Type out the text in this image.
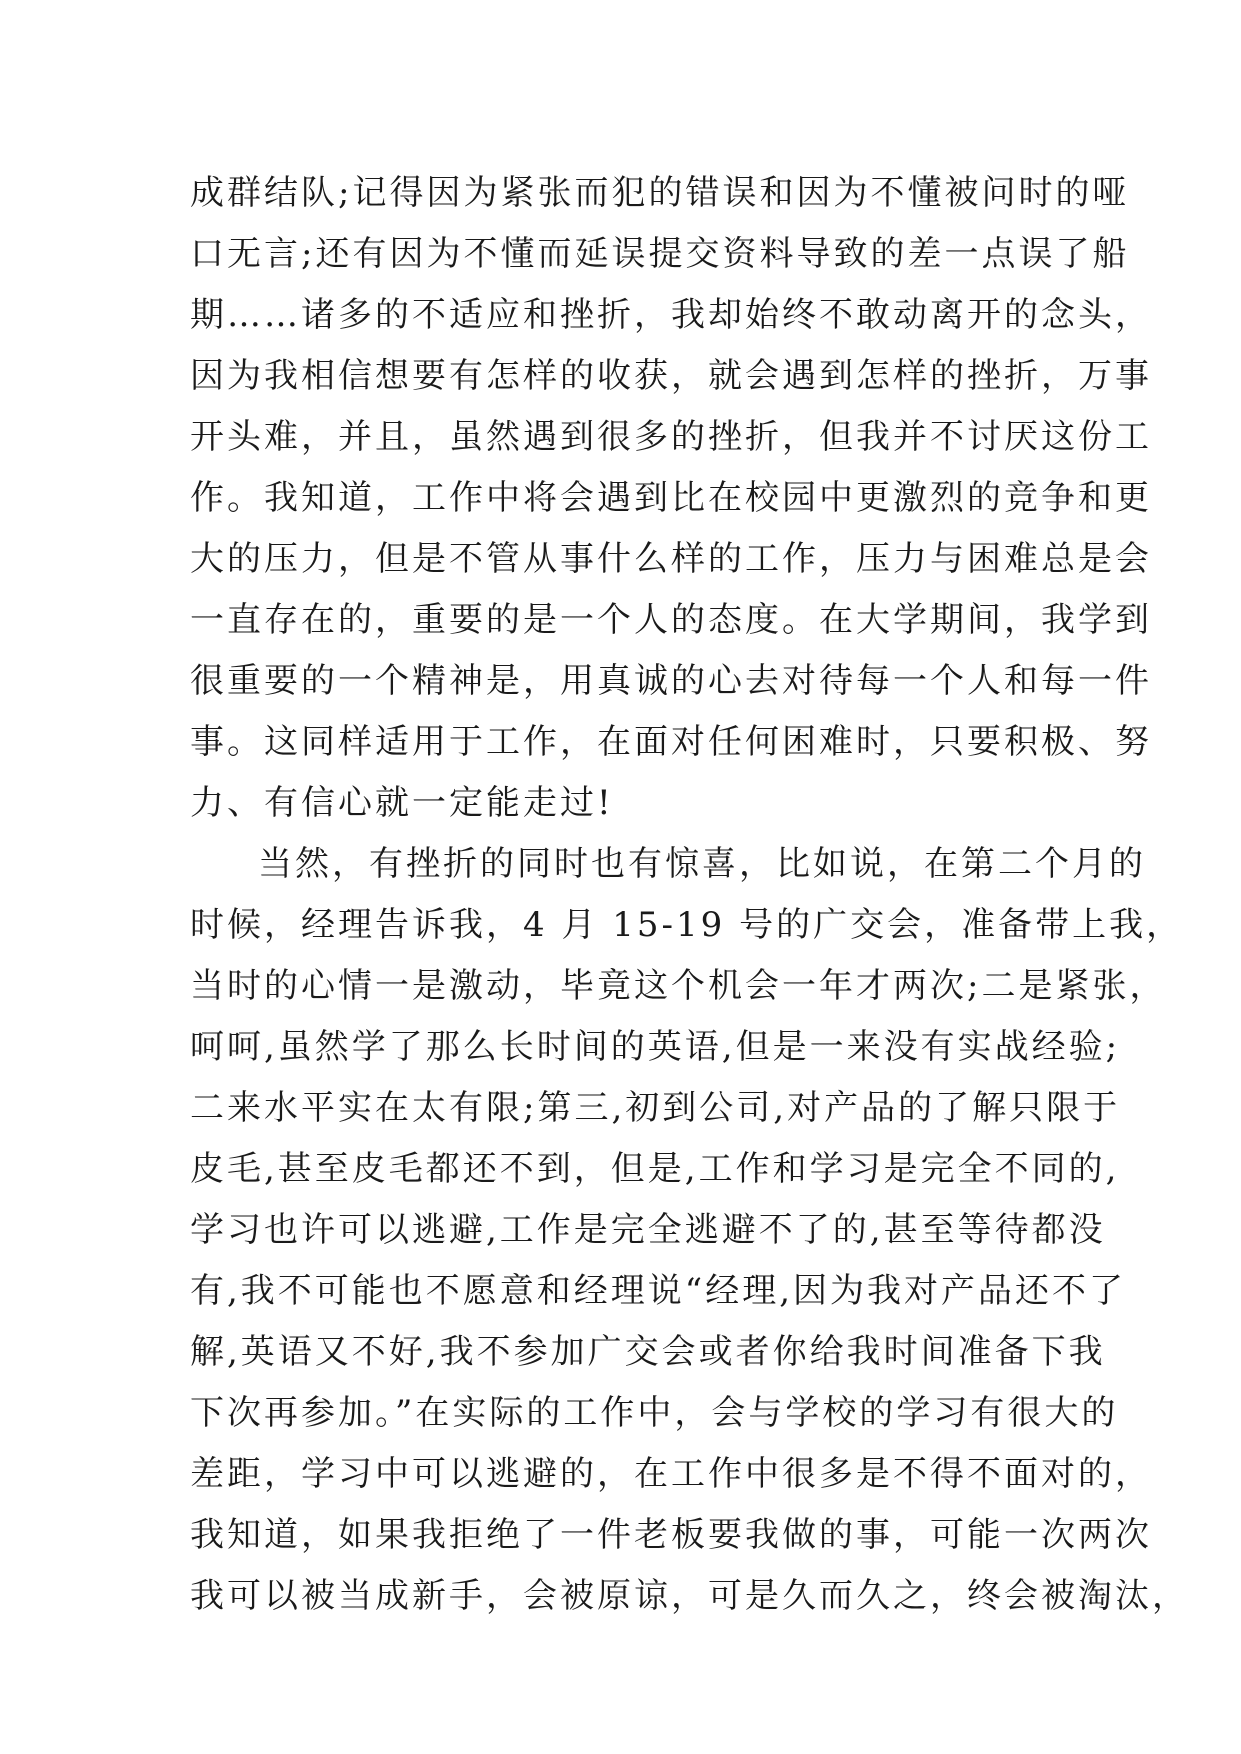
成群结队;记得因为紧张而犯的错误和因为不懂被问时的哑
口无言;还有因为不懂而延误提交资料导致的差一点误了船
期……诸多的不适应和挫折，我却始终不敢动离开的念头，
因为我相信想要有怎样的收获，就会遇到怎样的挫折，万事
开头难，并且，虽然遇到很多的挫折，但我并不讨厌这份工
作。我知道，工作中将会遇到比在校园中更激烈的竞争和更
大的压力，但是不管从事什么样的工作，压力与困难总是会
一直存在的，重要的是一个人的态度。在大学期间，我学到
很重要的一个精神是，用真诚的心去对待每一个人和每一件
事。这同样适用于工作，在面对任何困难时，只要积极、努
力、有信心就一定能走过!
当然，有挫折的同时也有惊喜，比如说，在第二个月的
时候，经理告诉我，4 月 15-19 号的广交会，准备带上我，
当时的心情一是激动，毕竟这个机会一年才两次;二是紧张，
呵呵,虽然学了那么长时间的英语,但是一来没有实战经验;
二来水平实在太有限;第三,初到公司,对产品的了解只限于
皮毛,甚至皮毛都还不到，但是,工作和学习是完全不同的,
学习也许可以逃避,工作是完全逃避不了的,甚至等待都没
有,我不可能也不愿意和经理说“经理,因为我对产品还不了
解,英语又不好,我不参加广交会或者你给我时间准备下我
下次再参加。”在实际的工作中，会与学校的学习有很大的
差距，学习中可以逃避的，在工作中很多是不得不面对的，
我知道，如果我拒绝了一件老板要我做的事，可能一次两次
我可以被当成新手，会被原谅，可是久而久之，终会被淘汰，
